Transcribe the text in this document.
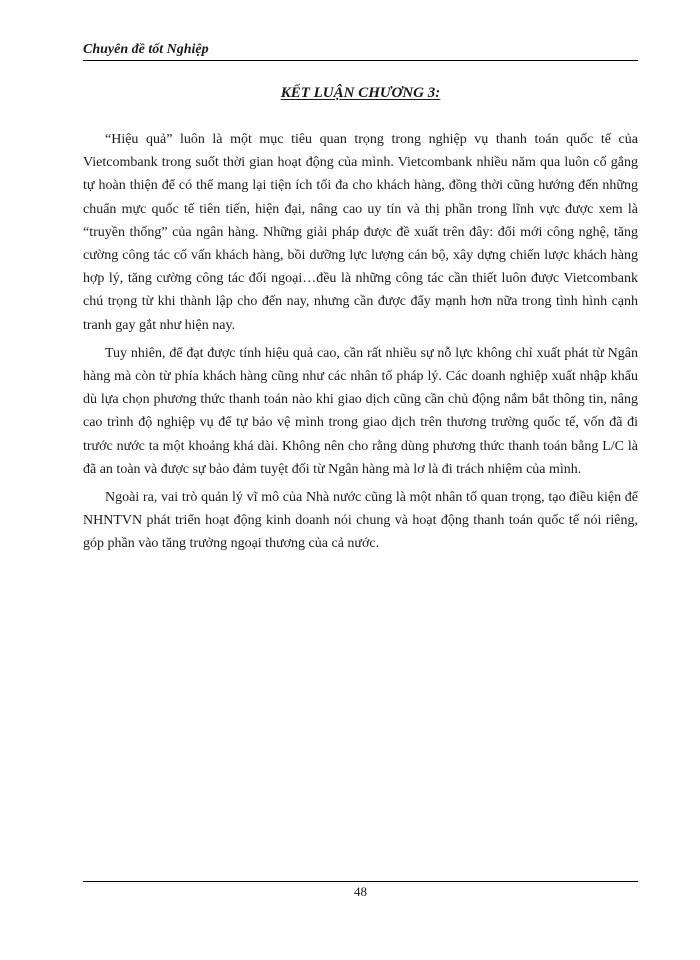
Chuyên đề tốt Nghiệp
KẾT LUẬN CHƯƠNG 3:

“Hiệu quả” luôn là một mục tiêu quan trọng trong nghiệp vụ thanh toán quốc tế của Vietcombank trong suốt thời gian hoạt động của mình. Vietcombank nhiều năm qua luôn cố gắng tự hoàn thiện để có thể mang lại tiện ích tối đa cho khách hàng, đồng thời cũng hướng đến những chuẩn mực quốc tế tiên tiến, hiện đại, nâng cao uy tín và thị phần trong lĩnh vực được xem là “truyền thống” của ngân hàng. Những giải pháp được đề xuất trên đây: đổi mới công nghệ, tăng cường công tác cố vấn khách hàng, bồi dưỡng lực lượng cán bộ, xây dựng chiến lược khách hàng hợp lý, tăng cường công tác đối ngoại…đều là những công tác cần thiết luôn được Vietcombank chú trọng từ khi thành lập cho đến nay, nhưng cần được đẩy mạnh hơn nữa trong tình hình cạnh tranh gay gắt như hiện nay.

Tuy nhiên, để đạt được tính hiệu quả cao, cần rất nhiều sự nỗ lực không chỉ xuất phát từ Ngân hàng mà còn từ phía khách hàng cũng như các nhân tố pháp lý. Các doanh nghiệp xuất nhập khẩu dù lựa chọn phương thức thanh toán nào khi giao dịch cũng cần chủ động nắm bắt thông tin, nâng cao trình độ nghiệp vụ để tự bảo vệ mình trong giao dịch trên thương trường quốc tế, vốn đã đi trước nước ta một khoảng khá dài. Không nên cho rằng dùng phương thức thanh toán bằng L/C là đã an toàn và được sự bảo đảm tuyệt đối từ Ngân hàng mà lơ là đi trách nhiệm của mình.

Ngoài ra, vai trò quản lý vĩ mô của Nhà nước cũng là một nhân tố quan trọng, tạo điều kiện để NHNTVN phát triển hoạt động kinh doanh nói chung và hoạt động thanh toán quốc tế nói riêng, góp phần vào tăng trưởng ngoại thương của cả nước.

48
